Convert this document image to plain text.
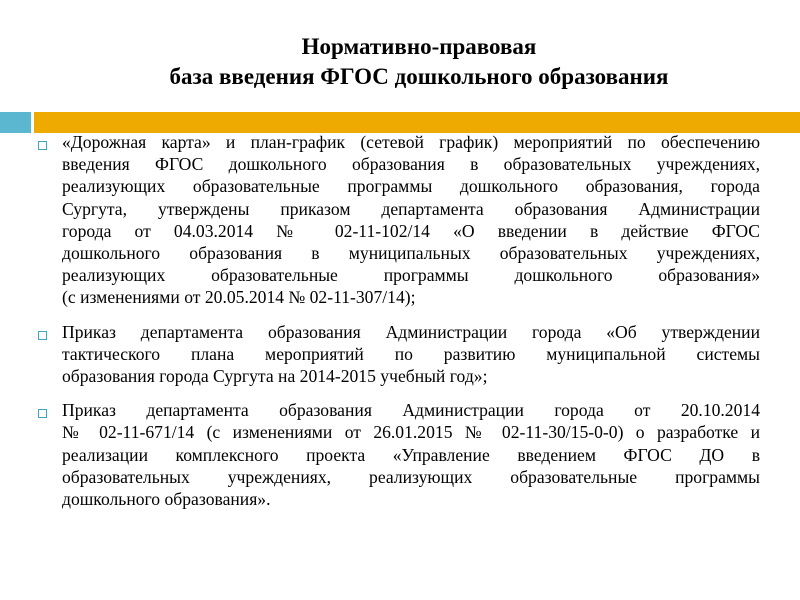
Нормативно-правовая
база введения ФГОС дошкольного образования
«Дорожная карта» и план-график (сетевой график) мероприятий по обеспечению
введения ФГОС дошкольного образования в образовательных учреждениях,
реализующих образовательные программы дошкольного образования, города
Сургута, утверждены приказом департамента образования Администрации
города от 04.03.2014 № 02-11-102/14 «О введении в действие ФГОС
дошкольного образования в муниципальных образовательных учреждениях,
реализующих образовательные программы дошкольного образования»
(с изменениями от 20.05.2014 № 02-11-307/14);
Приказ департамента образования Администрации города «Об утверждении
тактического плана мероприятий по развитию муниципальной системы
образования города Сургута на 2014-2015 учебный год»;
Приказ департамента образования Администрации города от 20.10.2014
№ 02-11-671/14 (с изменениями от 26.01.2015 № 02-11-30/15-0-0) о разработке и
реализации комплексного проекта «Управление введением ФГОС ДО в
образовательных учреждениях, реализующих образовательные программы
дошкольного образования».
